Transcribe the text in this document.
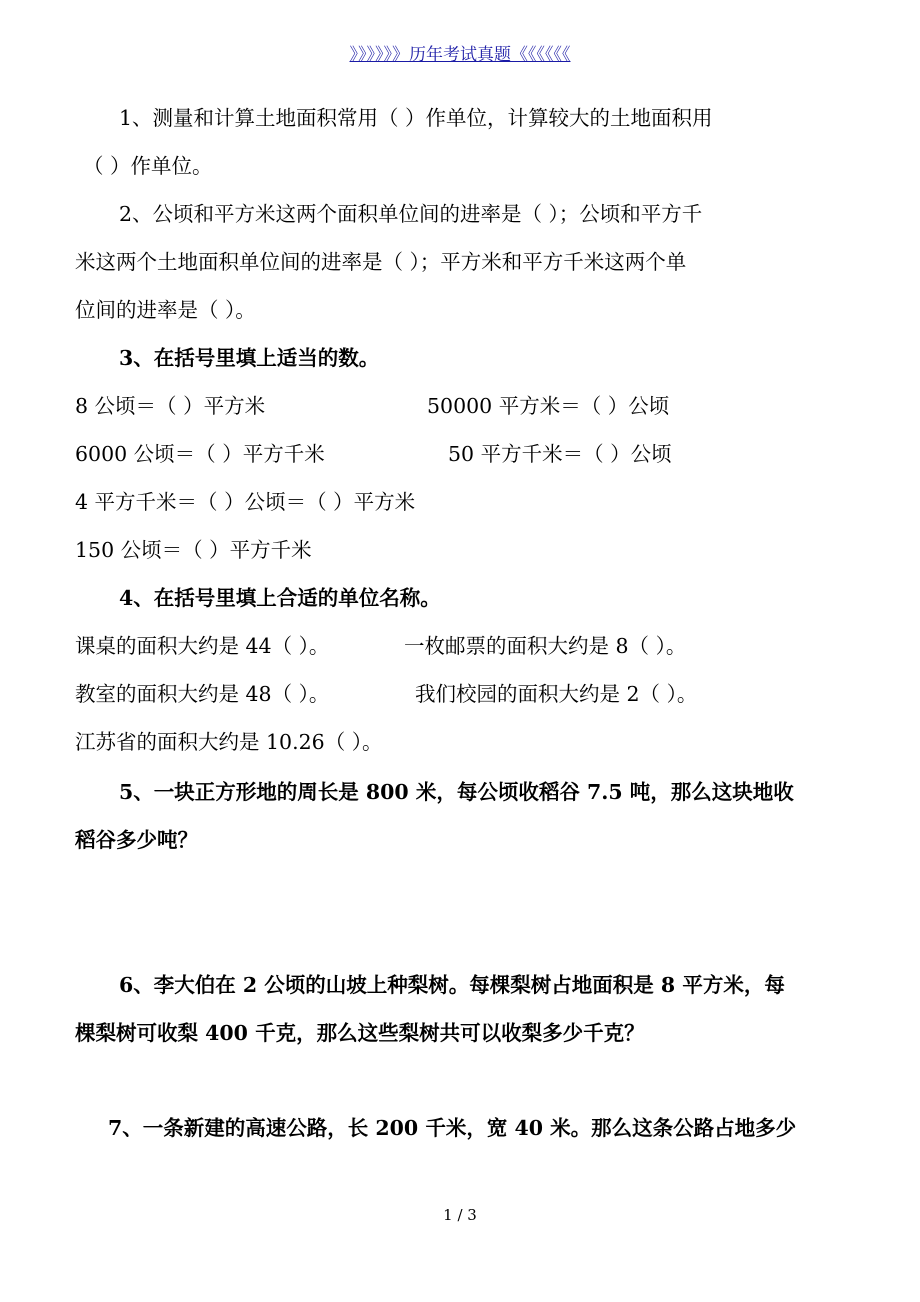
》》》》》》历年考试真题《《《《《《
1、测量和计算土地面积常用（ ）作单位，计算较大的土地面积用
（ ）作单位。
2、公顷和平方米这两个面积单位间的进率是（ ）；公顷和平方千
米这两个土地面积单位间的进率是（ ）；平方米和平方千米这两个单
位间的进率是（ ）。
3、在括号里填上适当的数。
8 公顷＝（ ）平方米	50000 平方米＝（ ）公顷
6000 公顷＝（ ）平方千米	50 平方千米＝（ ）公顷
4 平方千米＝（ ）公顷＝（ ）平方米
150 公顷＝（ ）平方千米
4、在括号里填上合适的单位名称。
课桌的面积大约是 44（ ）。	一枚邮票的面积大约是 8（ ）。
教室的面积大约是 48（ ）。	我们校园的面积大约是 2（ ）。
江苏省的面积大约是 10.26（ ）。
5、一块正方形地的周长是 800 米，每公顷收稻谷 7.5 吨，那么这块地收
稻谷多少吨？
6、李大伯在 2 公顷的山坡上种梨树。每棵梨树占地面积是 8 平方米，每
棵梨树可收梨 400 千克，那么这些梨树共可以收梨多少千克？
7、一条新建的高速公路，长 200 千米，宽 40 米。那么这条公路占地多少
1 / 3
